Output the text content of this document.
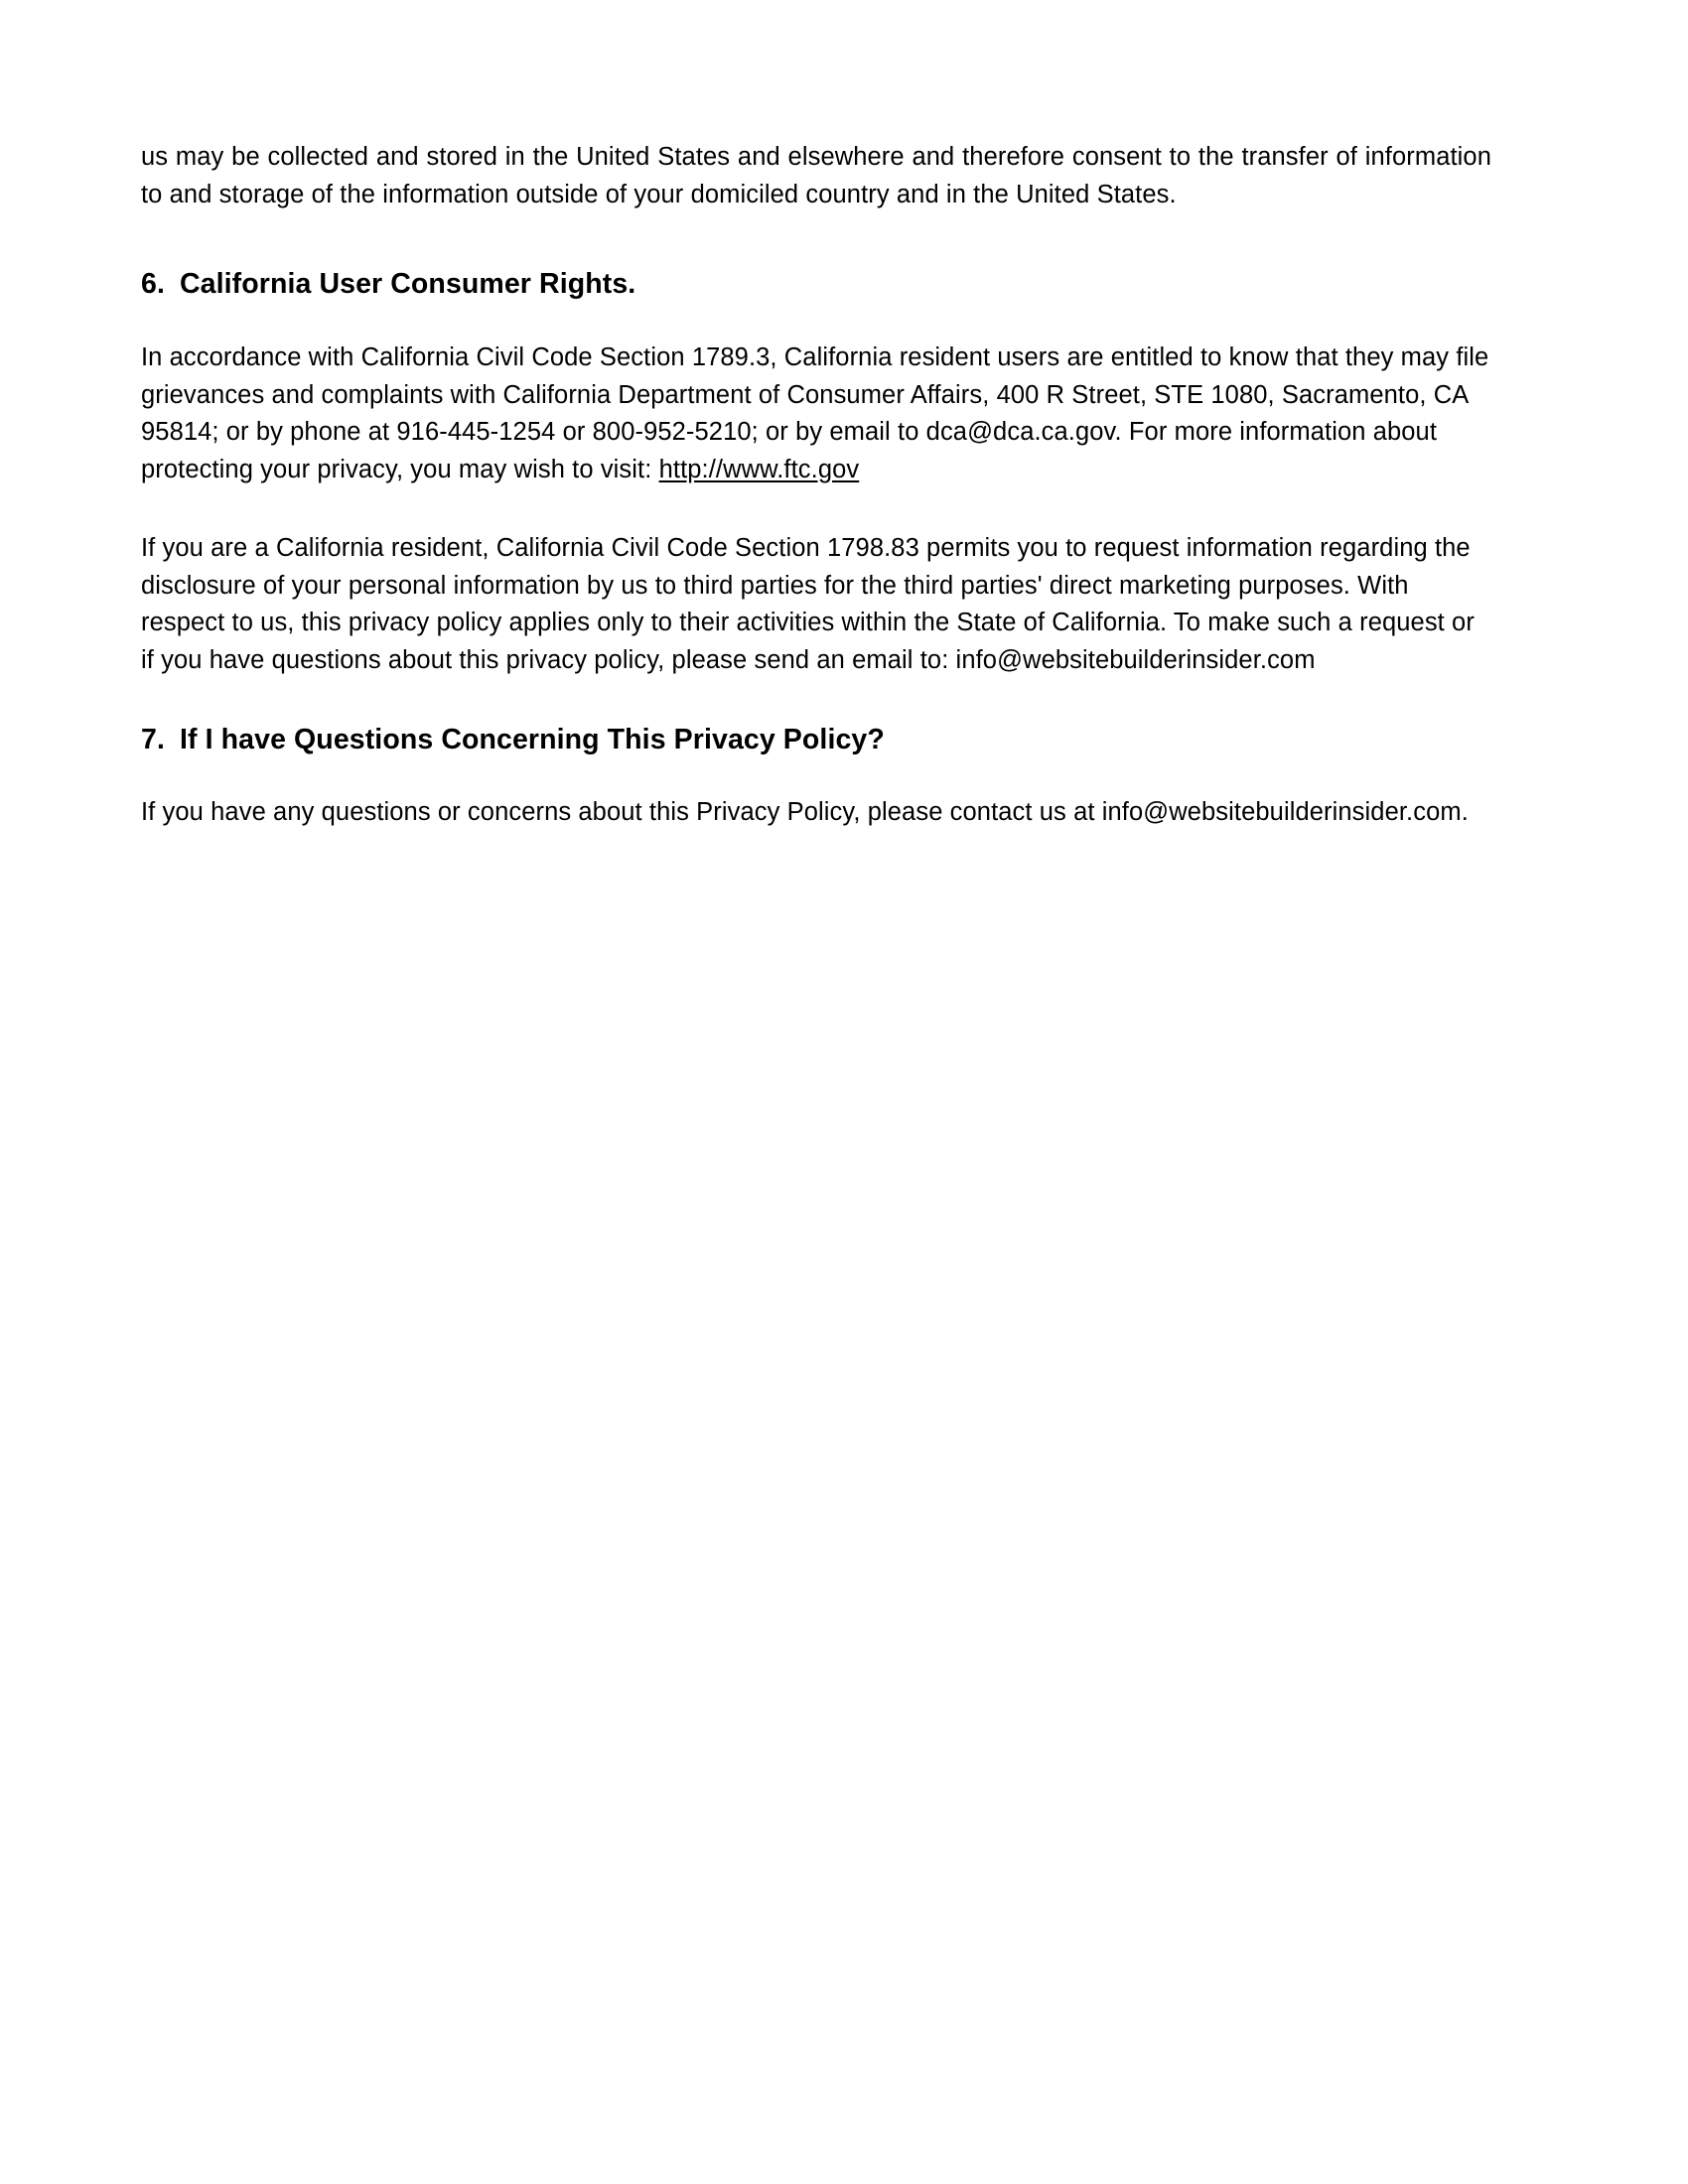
us may be collected and stored in the United States and elsewhere and therefore consent to the transfer of information to and storage of the information outside of your domiciled country and in the United States.

6. California User Consumer Rights.

In accordance with California Civil Code Section 1789.3, California resident users are entitled to know that they may file grievances and complaints with California Department of Consumer Affairs, 400 R Street, STE 1080, Sacramento, CA 95814; or by phone at 916-445-1254 or 800-952-5210; or by email to dca@dca.ca.gov. For more information about protecting your privacy, you may wish to visit: http://www.ftc.gov

If you are a California resident, California Civil Code Section 1798.83 permits you to request information regarding the disclosure of your personal information by us to third parties for the third parties' direct marketing purposes. With respect to us, this privacy policy applies only to their activities within the State of California. To make such a request or if you have questions about this privacy policy, please send an email to: info@websitebuilderinsider.com

7. If I have Questions Concerning This Privacy Policy?

If you have any questions or concerns about this Privacy Policy, please contact us at info@websitebuilderinsider.com.
